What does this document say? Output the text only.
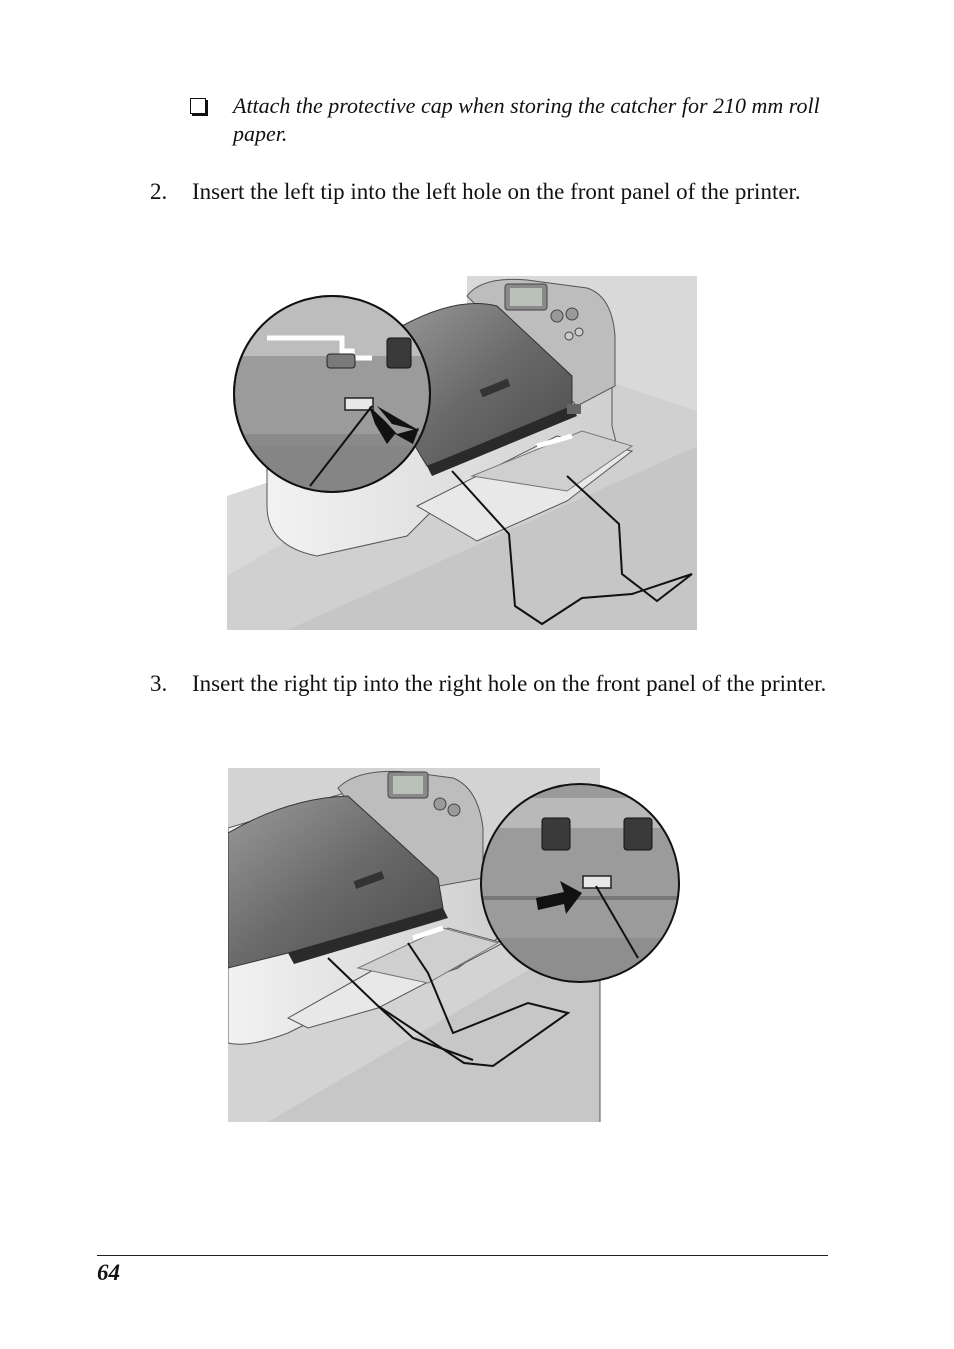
Attach the protective cap when storing the catcher for 210 mm roll paper.
2. Insert the left tip into the left hole on the front panel of the printer.
3. Insert the right tip into the right hole on the front panel of the printer.
64
